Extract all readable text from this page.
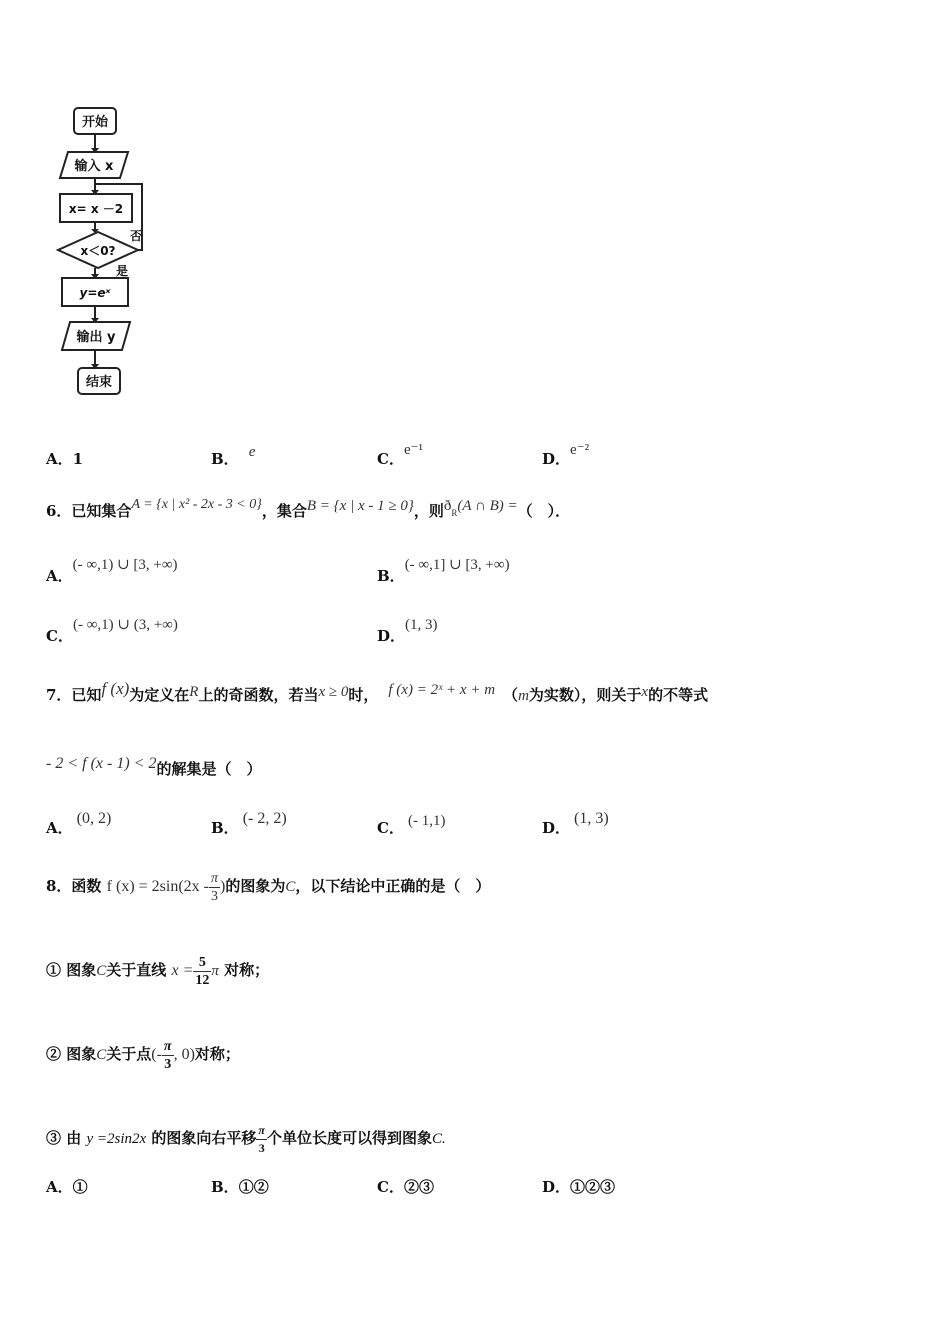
开始
输入 x
x= x －2
x＜0?
否
是
y=eˣ
输出 y
结束
A．1	B． e	C．e⁻¹	D．e⁻²
6．已知集合A = {x | x² - 2x - 3 < 0}，集合B = {x | x - 1 ≥ 0}，则ðR(A ∩ B) =（　）．
A．(- ∞,1) ∪ [3, +∞)
B．(- ∞,1] ∪ [3, +∞)
C．(- ∞,1) ∪ (3, +∞)
D．(1, 3)
7．已知f (x)为定义在R上的奇函数，若当x ≥ 0时， f (x) = 2ˣ + x + m （m为实数），则关于x的不等式
- 2 < f (x - 1) < 2的解集是（　）
A．(0, 2)
B．(- 2, 2)
C． (- 1,1)	D．(1, 3)
8．函数 f $(x) = 2\sin(2x - \frac{\pi}{3}$ )的图象为C，以下结论中正确的是（　）
① 图象C关于直线 $x = \frac{5}{12}$ π 对称；
② 图象C关于点(- $\frac{\pi}{3}$ , 0)对称；
③ 由 y =2sin2x 的图象向右平移 $\frac{\pi}{3}$ 个单位长度可以得到图象C.
A．①	B．①②	C．②③	D．①②③
